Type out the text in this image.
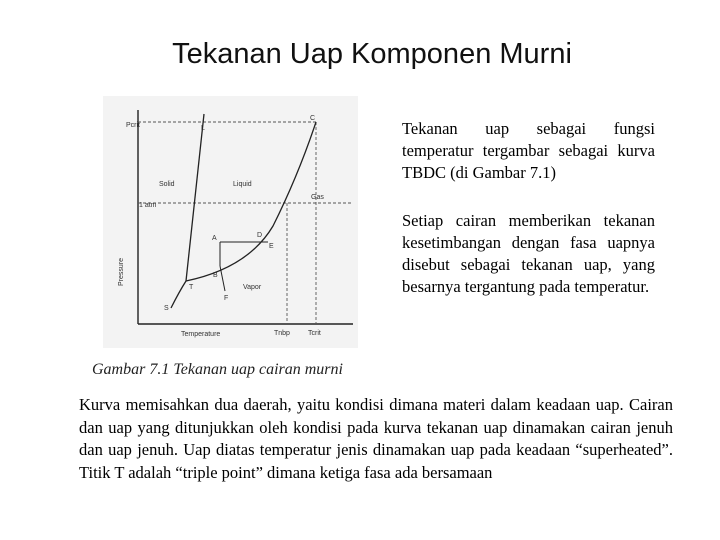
Tekanan Uap Komponen Murni
Pcrit
1 atm
Pressure
Temperature
Solid	Liquid
Gas
Vapor
L
C
A
B
D
E
T
S
F
Tnbp	Tcrit
Gambar 7.1 Tekanan uap cairan murni

Tekanan uap sebagai fungsi temperatur tergambar sebagai kurva TBDC (di Gambar 7.1)

Setiap cairan memberikan tekanan kesetimbangan dengan fasa uapnya disebut sebagai tekanan uap, yang besarnya tergantung pada temperatur.

Kurva memisahkan dua daerah, yaitu kondisi dimana materi dalam keadaan uap. Cairan dan uap yang ditunjukkan oleh kondisi pada kurva tekanan uap dinamakan cairan jenuh dan uap jenuh. Uap diatas temperatur jenis dinamakan uap pada keadaan “superheated”. Titik T adalah “triple point” dimana ketiga fasa ada bersamaan
